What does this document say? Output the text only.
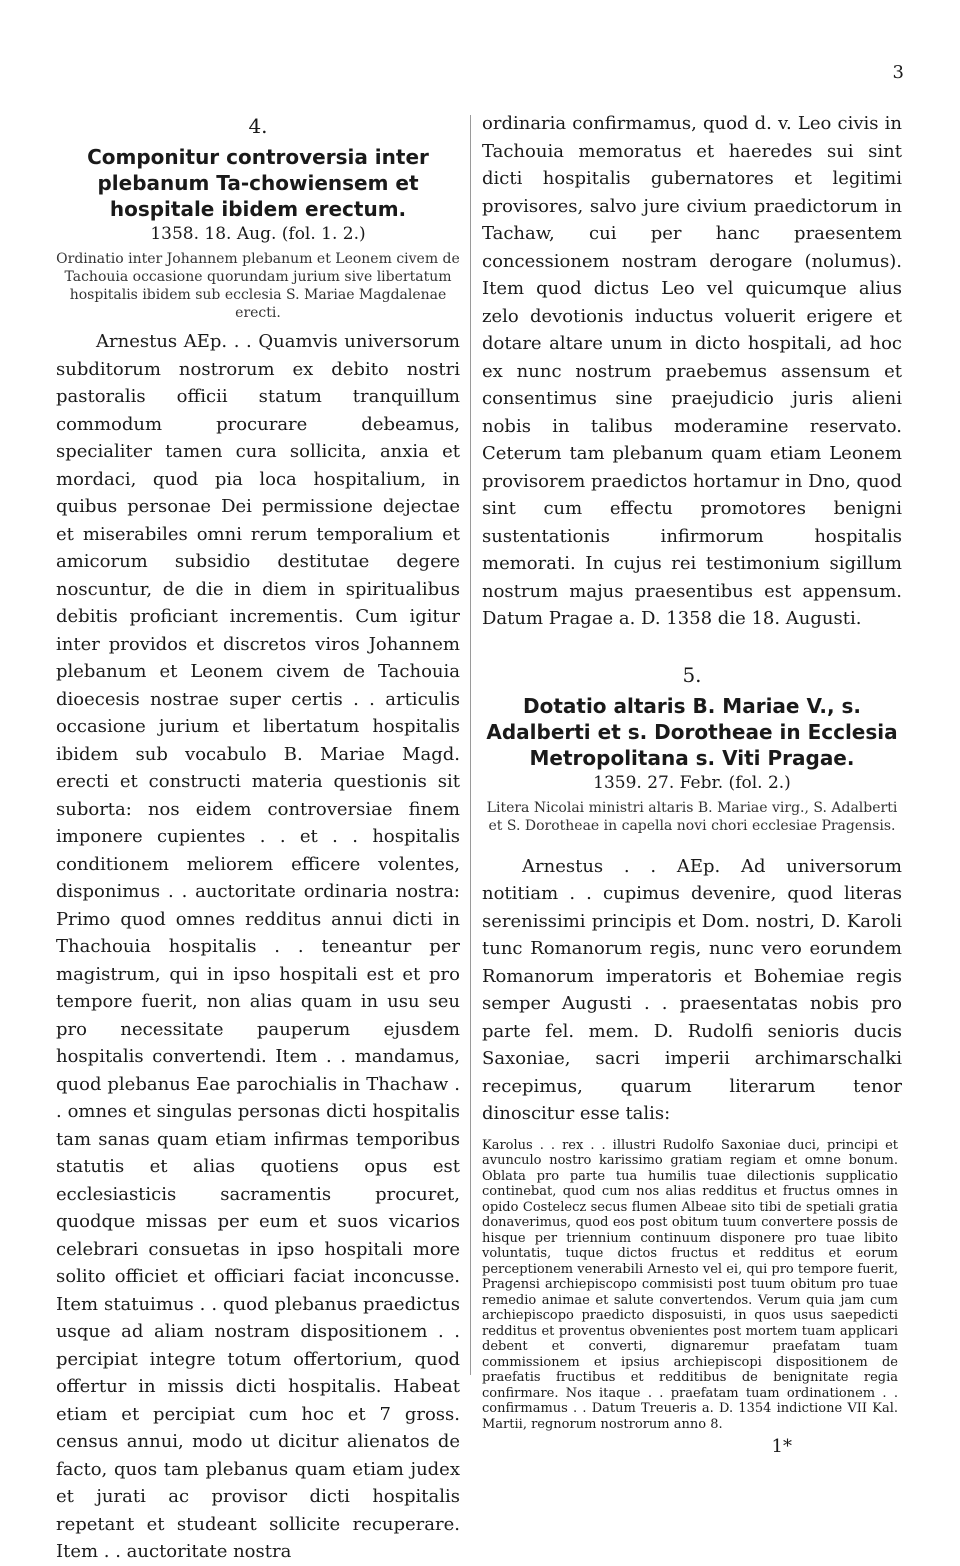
3
4.
Componitur controversia inter plebanum Ta-chowiensem et hospitale ibidem erectum.
1358. 18. Aug. (fol. 1. 2.)

Ordinatio inter Johannem plebanum et Leonem civem de Tachouia occasione quorundam jurium sive libertatum hospitalis ibidem sub ecclesia S. Mariae Magdalenae erecti.

Arnestus AEp. . . Quamvis universorum subditorum nostrorum ex debito nostri pastoralis officii statum tranquillum commodum procurare debeamus, specialiter tamen cura sollicita, anxia et mordaci, quod pia loca hospitalium, in quibus personae Dei permissione dejectae et miserabiles omni rerum temporalium et amicorum subsidio destitutae degere noscuntur, de die in diem in spiritualibus debitis proficiant incrementis. Cum igitur inter providos et discretos viros Johannem plebanum et Leonem civem de Tachouia dioecesis nostrae super certis . . articulis occasione jurium et libertatum hospitalis ibidem sub vocabulo B. Mariae Magd. erecti et constructi materia questionis sit suborta: nos eidem controversiae finem imponere cupientes . . et . . hospitalis conditionem meliorem efficere volentes, disponimus . . auctoritate ordinaria nostra: Primo quod omnes redditus annui dicti in Thachouia hospitalis . . teneantur per magistrum, qui in ipso hospitali est et pro tempore fuerit, non alias quam in usu seu pro necessitate pauperum ejusdem hospitalis convertendi. Item . . mandamus, quod plebanus Eae parochialis in Thachaw . . omnes et singulas personas dicti hospitalis tam sanas quam etiam infirmas temporibus statutis et alias quotiens opus est ecclesiasticis sacramentis procuret, quodque missas per eum et suos vicarios celebrari consuetas in ipso hospitali more solito officiet et officiari faciat inconcusse. Item statuimus . . quod plebanus praedictus usque ad aliam nostram dispositionem . . percipiat integre totum offertorium, quod offertur in missis dicti hospitalis. Habeat etiam et percipiat cum hoc et 7 gross. census annui, modo ut dicitur alienatos de facto, quos tam plebanus quam etiam judex et jurati ac provisor dicti hospitalis repetant et studeant sollicite recuperare. Item . . auctoritate nostra

ordinaria confirmamus, quod d. v. Leo civis in Tachouia memoratus et haeredes sui sint dicti hospitalis gubernatores et legitimi provisores, salvo jure civium praedictorum in Tachaw, cui per hanc praesentem concessionem nostram derogare (nolumus). Item quod dictus Leo vel quicumque alius zelo devotionis inductus voluerit erigere et dotare altare unum in dicto hospitali, ad hoc ex nunc nostrum praebemus assensum et consentimus sine praejudicio juris alieni nobis in talibus moderamine reservato. Ceterum tam plebanum quam etiam Leonem provisorem praedictos hortamur in Dno, quod sint cum effectu promotores benigni sustentationis infirmorum hospitalis memorati. In cujus rei testimonium sigillum nostrum majus praesentibus est appensum. Datum Pragae a. D. 1358 die 18. Augusti.

5.
Dotatio altaris B. Mariae V., s. Adalberti et s. Dorotheae in Ecclesia Metropolitana s. Viti Pragae.
1359. 27. Febr. (fol. 2.)

Litera Nicolai ministri altaris B. Mariae virg., S. Adalberti et S. Dorotheae in capella novi chori ecclesiae Pragensis.

Arnestus . . AEp. Ad universorum notitiam . . cupimus devenire, quod literas serenissimi principis et Dom. nostri, D. Karoli tunc Romanorum regis, nunc vero eorundem Romanorum imperatoris et Bohemiae regis semper Augusti . . praesentatas nobis pro parte fel. mem. D. Rudolfi senioris ducis Saxoniae, sacri imperii archimarschalki recepimus, quarum literarum tenor dinoscitur esse talis:

Karolus . . rex . . illustri Rudolfo Saxoniae duci, principi et avunculo nostro karissimo gratiam regiam et omne bonum. Oblata pro parte tua humilis tuae dilectionis supplicatio continebat, quod cum nos alias redditus et fructus omnes in opido Costelecz secus flumen Albeae sito tibi de spetiali gratia donaverimus, quod eos post obitum tuum convertere possis de hisque per triennium continuum disponere pro tuae libito voluntatis, tuque dictos fructus et redditus et eorum perceptionem venerabili Arnesto vel ei, qui pro tempore fuerit, Pragensi archiepiscopo commisisti post tuum obitum pro tuae remedio animae et salute convertendos. Verum quia jam cum archiepiscopo praedicto disposuisti, in quos usus saepedicti redditus et proventus obvenientes post mortem tuam applicari debent et converti, dignaremur praefatam tuam commissionem et ipsius archiepiscopi dispositionem de praefatis fructibus et redditibus de benignitate regia confirmare. Nos itaque . . praefatam tuam ordinationem . . confirmamus . . Datum Treueris a. D. 1354 indictione VII Kal. Martii, regnorum nostrorum anno 8.

1*
